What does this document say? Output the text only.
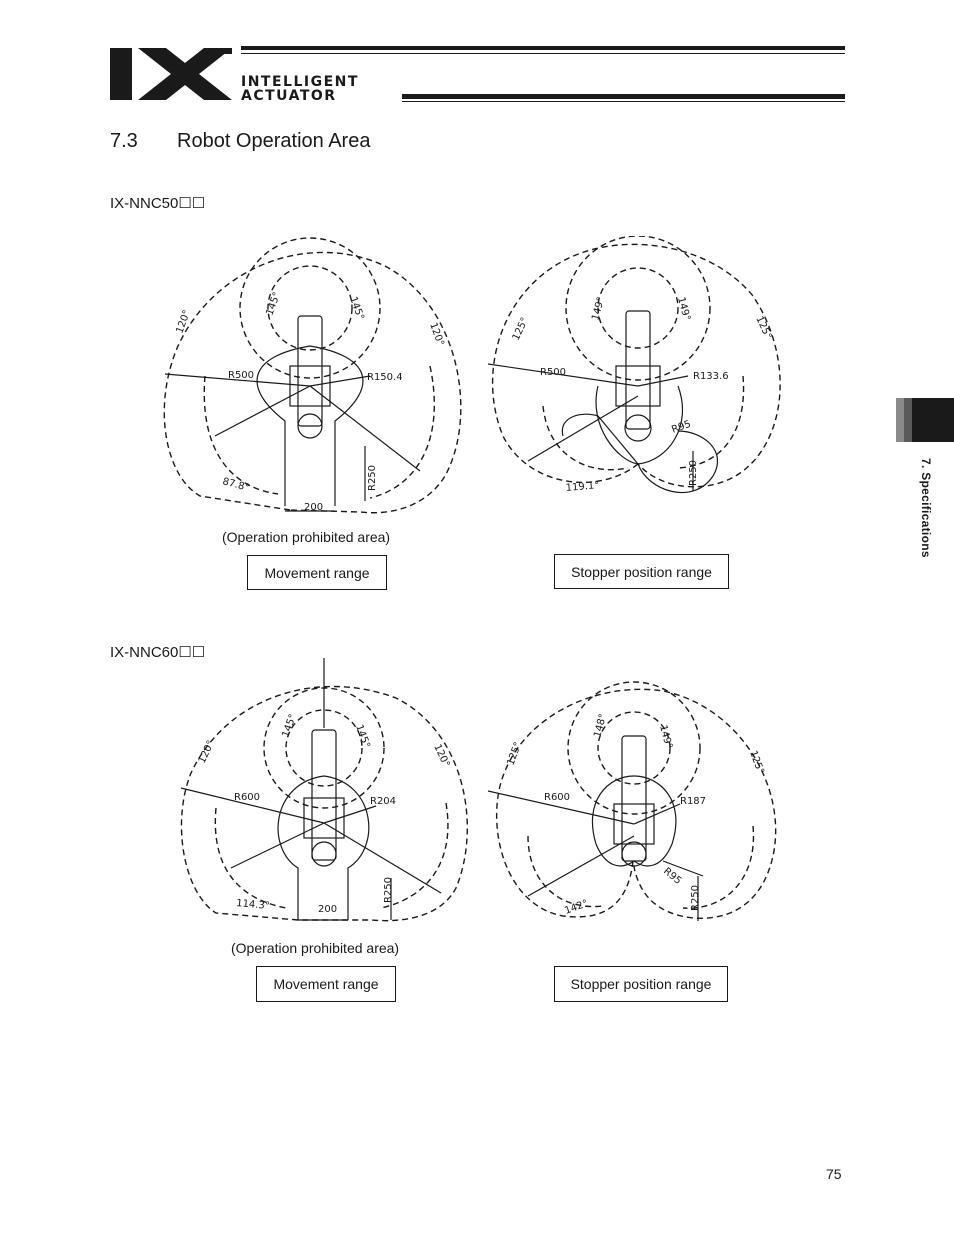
INTELLIGENT
ACTUATOR
7.3 Robot Operation Area
7. Specifications
IX-NNC50☐☐
120°	120°
145°	145°
R500	R150.4
R250
87.8°
200
125°	125°
149°	149°
R500	R133.6
R95
R250
119.1°
(Operation prohibited area)
Movement range	Stopper position range
IX-NNC60☐☐
120°	120°
145°	145°
R600	R204
R250
114.3°	200
125°	125°
148°	149°
R600	R187
R95
R250
142°
(Operation prohibited area)
Movement range	Stopper position range
75
